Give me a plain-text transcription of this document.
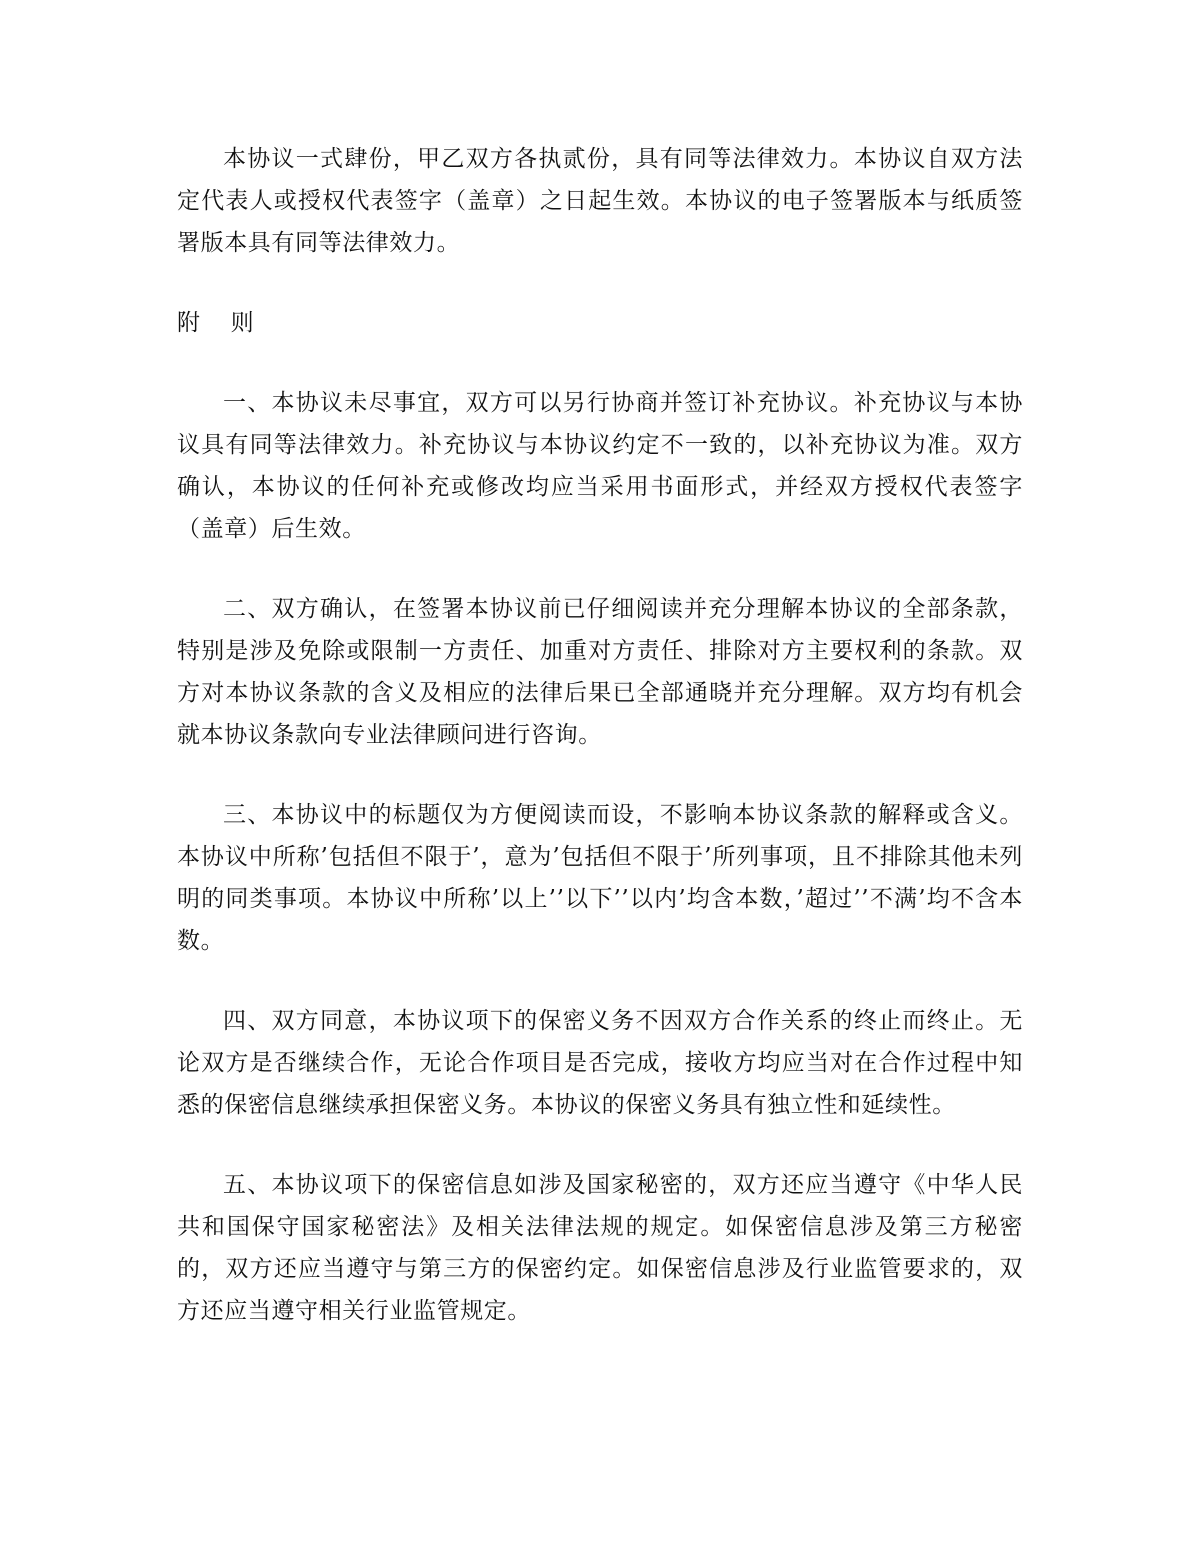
本协议一式肆份，甲乙双方各执贰份，具有同等法律效力。本协议自双方法定代表人或授权代表签字（盖章）之日起生效。本协议的电子签署版本与纸质签署版本具有同等法律效力。

附 则

一、本协议未尽事宜，双方可以另行协商并签订补充协议。补充协议与本协议具有同等法律效力。补充协议与本协议约定不一致的，以补充协议为准。双方确认，本协议的任何补充或修改均应当采用书面形式，并经双方授权代表签字（盖章）后生效。

二、双方确认，在签署本协议前已仔细阅读并充分理解本协议的全部条款，特别是涉及免除或限制一方责任、加重对方责任、排除对方主要权利的条款。双方对本协议条款的含义及相应的法律后果已全部通晓并充分理解。双方均有机会就本协议条款向专业法律顾问进行咨询。

三、本协议中的标题仅为方便阅读而设，不影响本协议条款的解释或含义。本协议中所称’包括但不限于’，意为’包括但不限于’所列事项，且不排除其他未列明的同类事项。本协议中所称’以上’’以下’’以内’均含本数，’超过’’不满’均不含本数。

四、双方同意，本协议项下的保密义务不因双方合作关系的终止而终止。无论双方是否继续合作，无论合作项目是否完成，接收方均应当对在合作过程中知悉的保密信息继续承担保密义务。本协议的保密义务具有独立性和延续性。

五、本协议项下的保密信息如涉及国家秘密的，双方还应当遵守《中华人民共和国保守国家秘密法》及相关法律法规的规定。如保密信息涉及第三方秘密的，双方还应当遵守与第三方的保密约定。如保密信息涉及行业监管要求的，双方还应当遵守相关行业监管规定。
